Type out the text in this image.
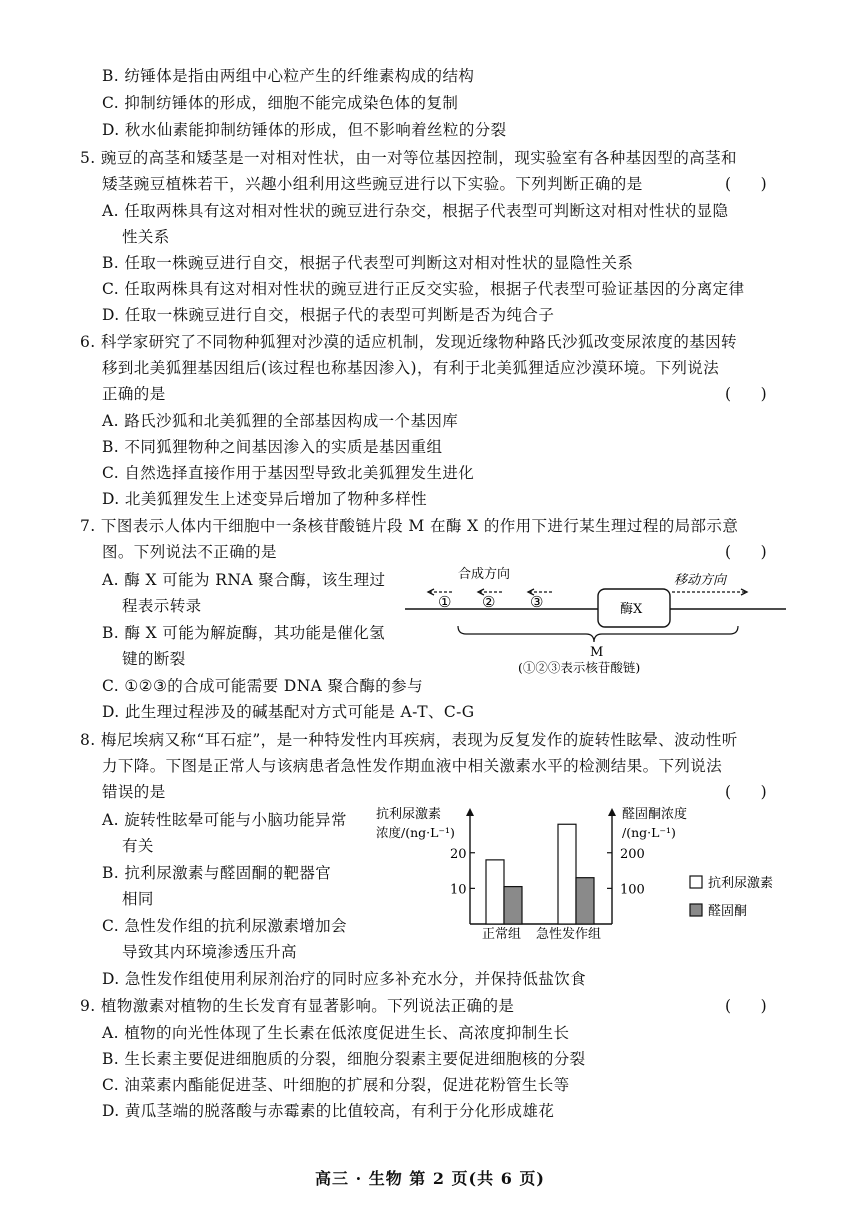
B. 纺锤体是指由两组中心粒产生的纤维素构成的结构
C. 抑制纺锤体的形成，细胞不能完成染色体的复制
D. 秋水仙素能抑制纺锤体的形成，但不影响着丝粒的分裂
5. 豌豆的高茎和矮茎是一对相对性状，由一对等位基因控制，现实验室有各种基因型的高茎和
矮茎豌豆植株若干，兴趣小组利用这些豌豆进行以下实验。下列判断正确的是	(      )
A. 任取两株具有这对相对性状的豌豆进行杂交，根据子代表型可判断这对相对性状的显隐
性关系
B. 任取一株豌豆进行自交，根据子代表型可判断这对相对性状的显隐性关系
C. 任取两株具有这对相对性状的豌豆进行正反交实验，根据子代表型可验证基因的分离定律
D. 任取一株豌豆进行自交，根据子代的表型可判断是否为纯合子
6. 科学家研究了不同物种狐狸对沙漠的适应机制，发现近缘物种路氏沙狐改变尿浓度的基因转
移到北美狐狸基因组后(该过程也称基因渗入)，有利于北美狐狸适应沙漠环境。下列说法
正确的是	(      )
A. 路氏沙狐和北美狐狸的全部基因构成一个基因库
B. 不同狐狸物种之间基因渗入的实质是基因重组
C. 自然选择直接作用于基因型导致北美狐狸发生进化
D. 北美狐狸发生上述变异后增加了物种多样性
7. 下图表示人体内干细胞中一条核苷酸链片段 M 在酶 X 的作用下进行某生理过程的局部示意
图。下列说法不正确的是	(      )
A. 酶 X 可能为 RNA 聚合酶，该生理过
程表示转录
B. 酶 X 可能为解旋酶，其功能是催化氢
键的断裂
C. ①②③的合成可能需要 DNA 聚合酶的参与
D. 此生理过程涉及的碱基配对方式可能是 A-T、C-G
合成方向	移动方向
① ② ③	酶X
M
(①②③表示核苷酸链)
8. 梅尼埃病又称“耳石症”，是一种特发性内耳疾病，表现为反复发作的旋转性眩晕、波动性听
力下降。下图是正常人与该病患者急性发作期血液中相关激素水平的检测结果。下列说法
错误的是	(      )
A. 旋转性眩晕可能与小脑功能异常
有关
B. 抗利尿激素与醛固酮的靶器官
相同
C. 急性发作组的抗利尿激素增加会
导致其内环境渗透压升高
D. 急性发作组使用利尿剂治疗的同时应多补充水分，并保持低盐饮食
抗利尿激素
浓度/(ng·L⁻¹)
醛固酮浓度
/(ng·L⁻¹)
20
10
200
100
正常组 急性发作组
抗利尿激素
醛固酮
9. 植物激素对植物的生长发育有显著影响。下列说法正确的是	(      )
A. 植物的向光性体现了生长素在低浓度促进生长、高浓度抑制生长
B. 生长素主要促进细胞质的分裂，细胞分裂素主要促进细胞核的分裂
C. 油菜素内酯能促进茎、叶细胞的扩展和分裂，促进花粉管生长等
D. 黄瓜茎端的脱落酸与赤霉素的比值较高，有利于分化形成雄花
高三 · 生物 第 2 页(共 6 页)
